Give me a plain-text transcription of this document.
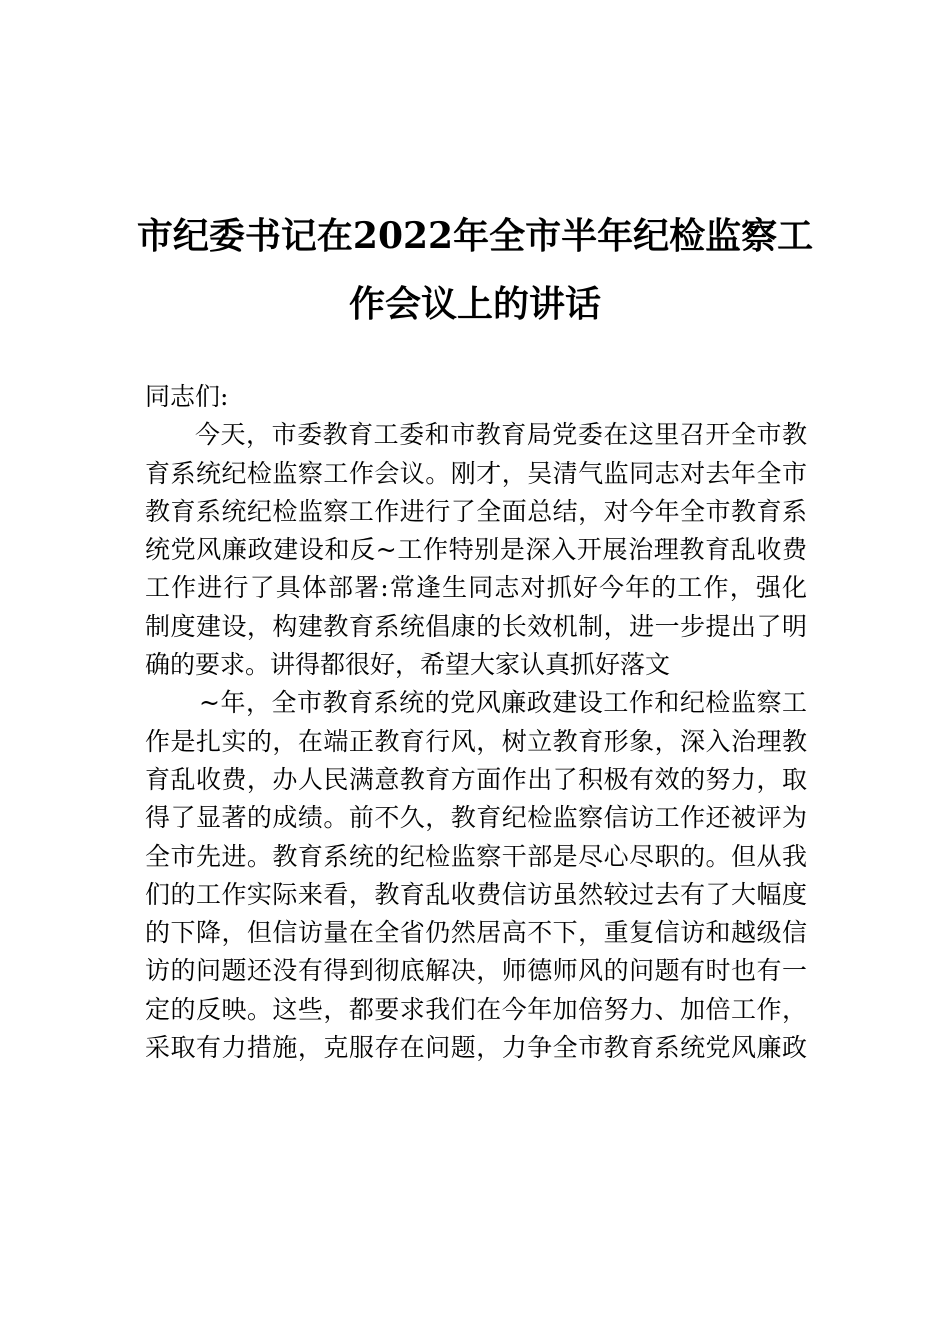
市纪委书记在2022年全市半年纪检监察工
作会议上的讲话
同志们:
今天，市委教育工委和市教育局党委在这里召开全市教
育系统纪检监察工作会议。刚才，吴清气监同志对去年全市
教育系统纪检监察工作进行了全面总结，对今年全市教育系
统党风廉政建设和反~工作特别是深入开展治理教育乱收费
工作进行了具体部署:常逢生同志对抓好今年的工作，强化
制度建设，构建教育系统倡康的长效机制，进一步提出了明
确的要求。讲得都很好，希望大家认真抓好落文
~年，全市教育系统的党风廉政建设工作和纪检监察工
作是扎实的，在端正教育行风，树立教育形象，深入治理教
育乱收费，办人民满意教育方面作出了积极有效的努力，取
得了显著的成绩。前不久，教育纪检监察信访工作还被评为
全市先进。教育系统的纪检监察干部是尽心尽职的。但从我
们的工作实际来看，教育乱收费信访虽然较过去有了大幅度
的下降，但信访量在全省仍然居高不下，重复信访和越级信
访的问题还没有得到彻底解决，师德师风的问题有时也有一
定的反映。这些，都要求我们在今年加倍努力、加倍工作，
采取有力措施，克服存在问题，力争全市教育系统党风廉政
